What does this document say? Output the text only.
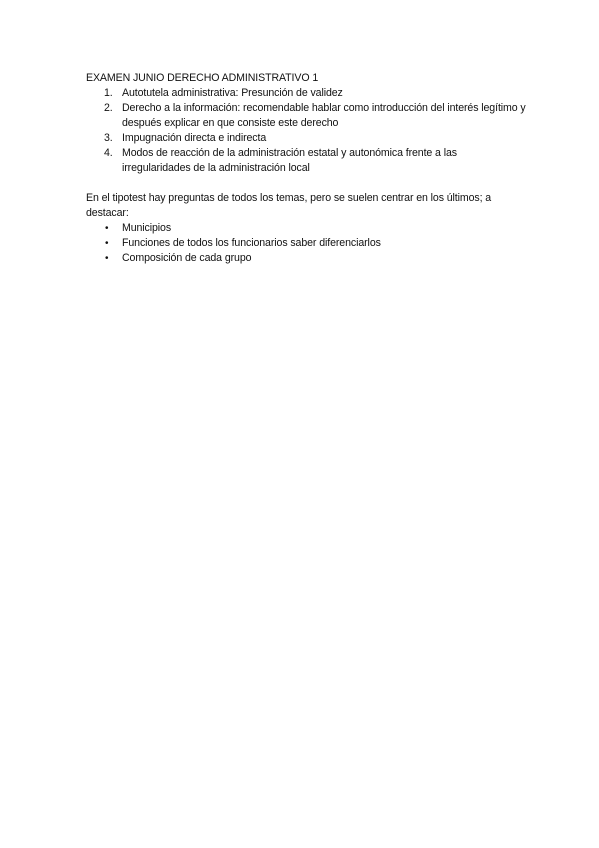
EXAMEN JUNIO DERECHO ADMINISTRATIVO 1

1. Autotutela administrativa: Presunción de validez
2. Derecho a la información: recomendable hablar como introducción del interés legítimo y después explicar en que consiste este derecho
3. Impugnación directa e indirecta
4. Modos de reacción de la administración estatal y autonómica frente a las irregularidades de la administración local

En el tipotest hay preguntas de todos los temas, pero se suelen centrar en los últimos; a destacar:

• Municipios
• Funciones de todos los funcionarios saber diferenciarlos
• Composición de cada grupo
